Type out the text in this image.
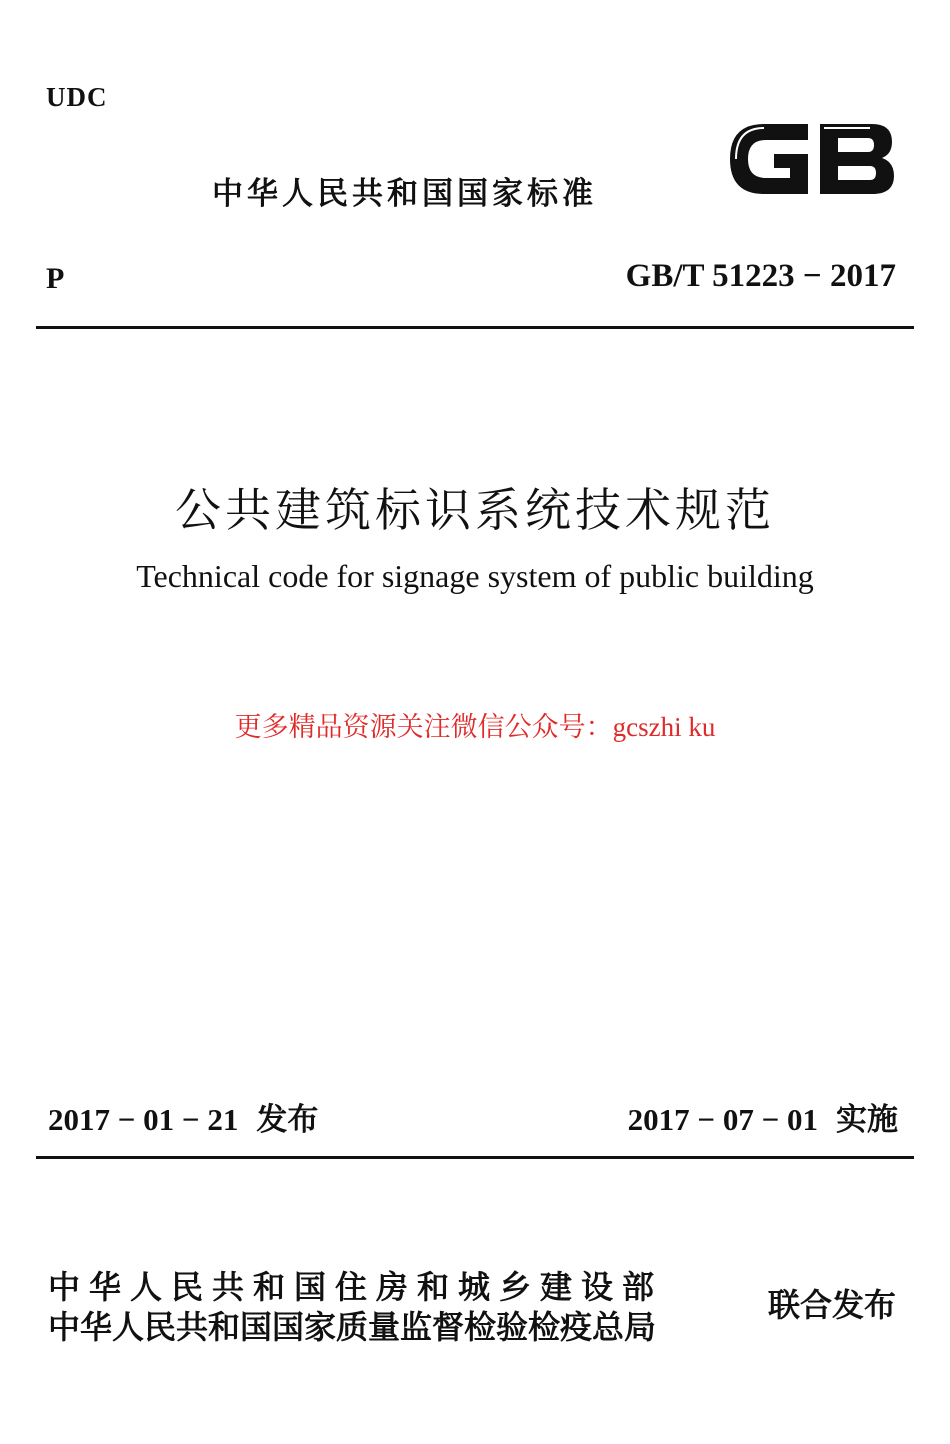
UDC
中华人民共和国国家标准
P	GB/T 51223 − 2017
公共建筑标识系统技术规范
Technical code for signage system of public building
更多精品资源关注微信公众号：gcszhi ku
2017 − 01 − 21 发布	2017 − 07 − 01 实施
中华人民共和国住房和城乡建设部
中华人民共和国国家质量监督检验检疫总局
联合发布
